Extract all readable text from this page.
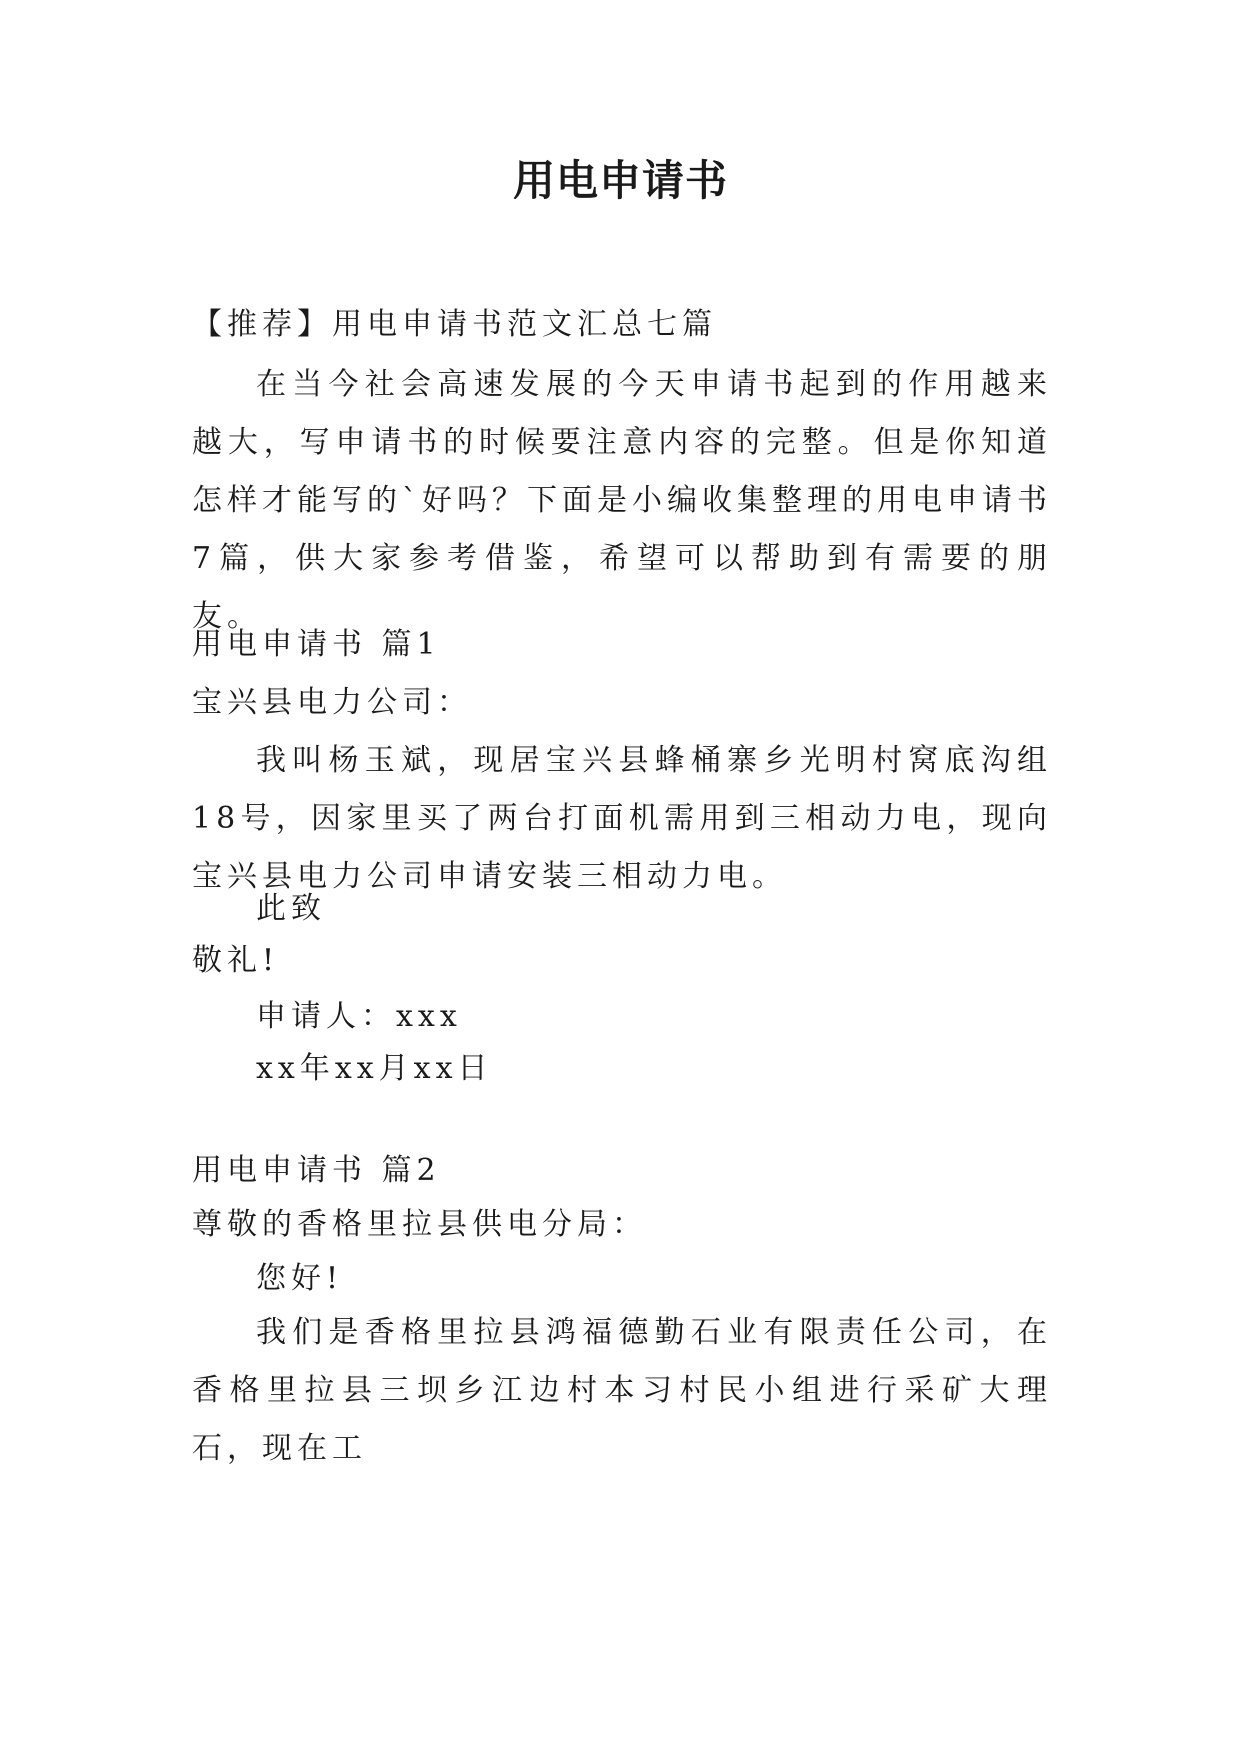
用电申请书
【推荐】用电申请书范文汇总七篇
在当今社会高速发展的今天申请书起到的作用越来越大，写申请书的时候要注意内容的完整。但是你知道怎样才能写的`好吗？下面是小编收集整理的用电申请书7篇，供大家参考借鉴，希望可以帮助到有需要的朋友。
用电申请书 篇1
宝兴县电力公司：
我叫杨玉斌，现居宝兴县蜂桶寨乡光明村窝底沟组18号，因家里买了两台打面机需用到三相动力电，现向宝兴县电力公司申请安装三相动力电。
此致
敬礼!
申请人：xxx
xx年xx月xx日
用电申请书 篇2
尊敬的香格里拉县供电分局：
您好!
我们是香格里拉县鸿福德勤石业有限责任公司，在香格里拉县三坝乡江边村本习村民小组进行采矿大理石，现在工
